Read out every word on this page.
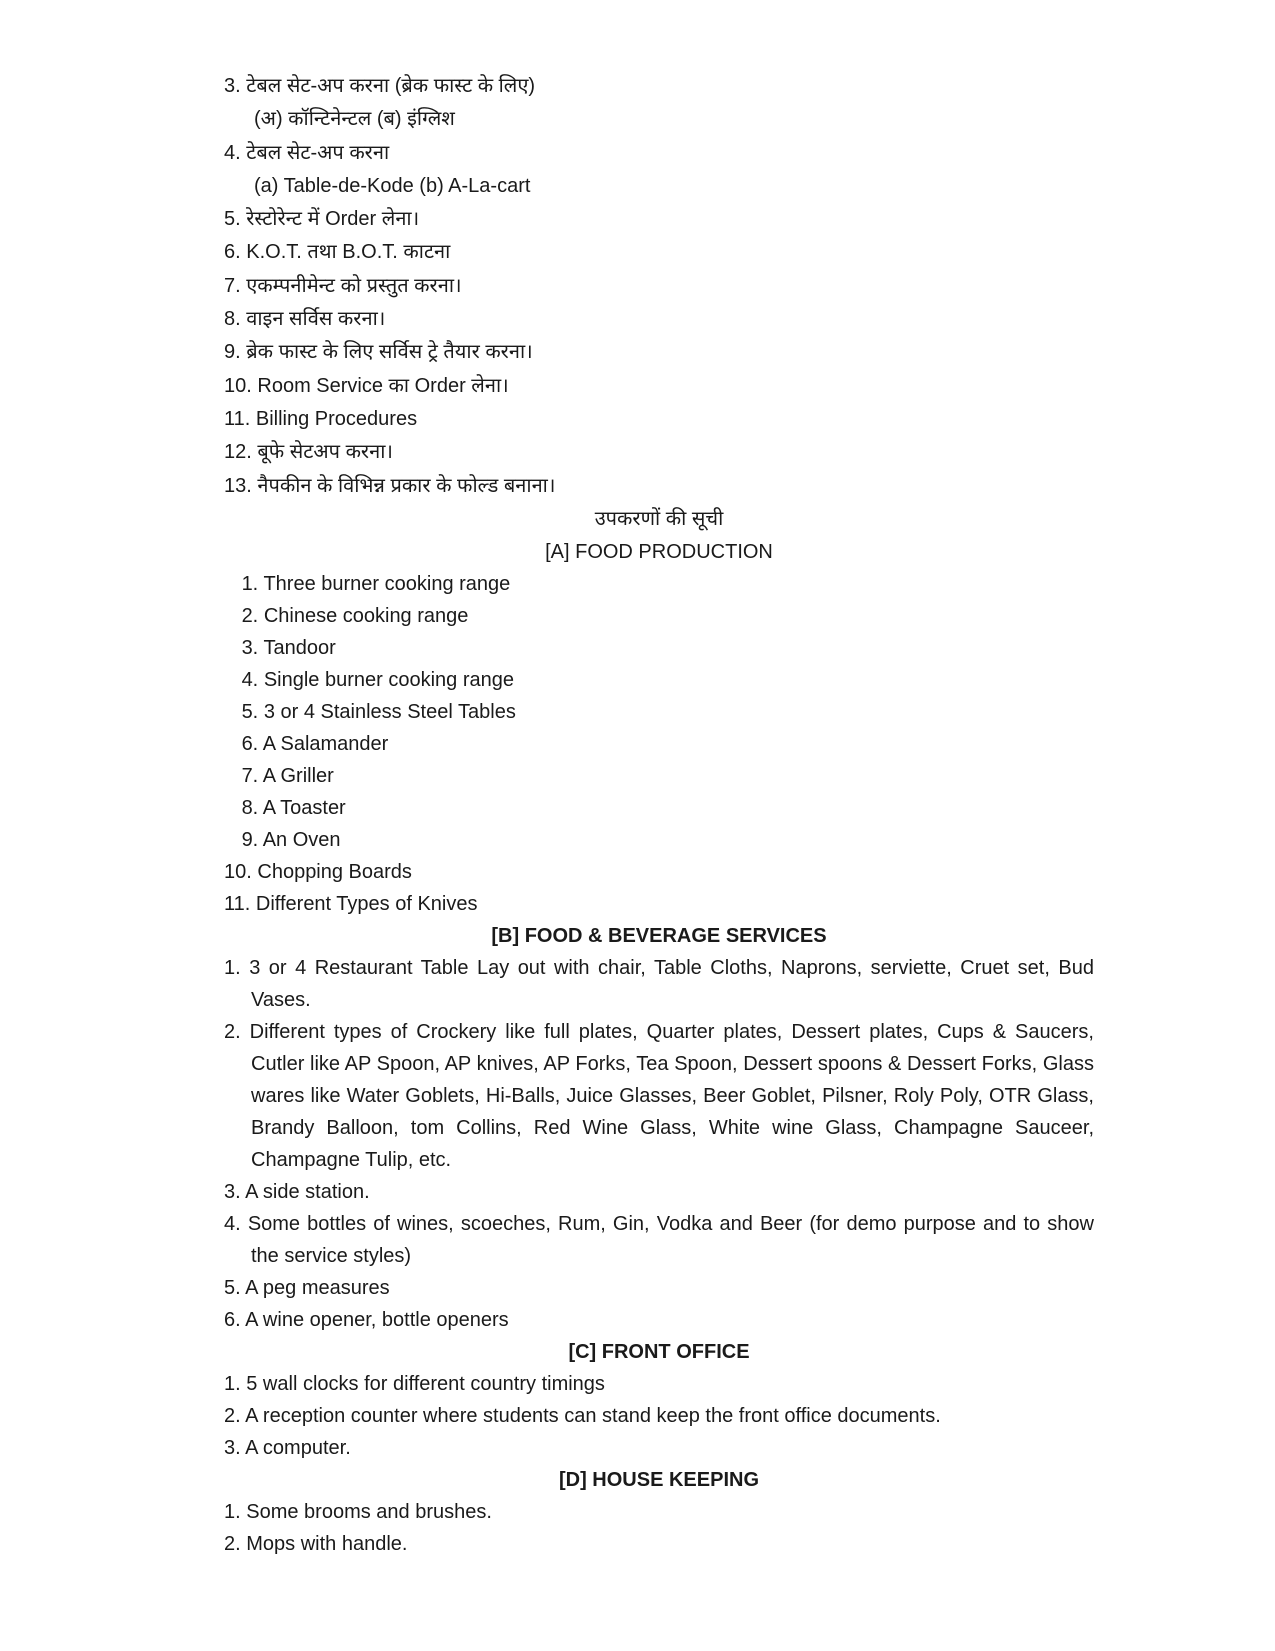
3. टेबल सेट-अप करना (ब्रेक फास्ट के लिए)
(अ) कॉन्टिनेन्टल (ब) इंग्लिश
4. टेबल सेट-अप करना
(a) Table-de-Kode (b) A-La-cart
5. रेस्टोरेन्ट में Order लेना।
6. K.O.T. तथा B.O.T. काटना
7. एकम्पनीमेन्ट को प्रस्तुत करना।
8. वाइन सर्विस करना।
9. ब्रेक फास्ट के लिए सर्विस ट्रे तैयार करना।
10. Room Service का Order लेना।
11. Billing Procedures
12. बूफे सेटअप करना।
13. नैपकीन के विभिन्न प्रकार के फोल्ड बनाना।
उपकरणों की सूची
[A] FOOD PRODUCTION
1. Three burner cooking range
2. Chinese cooking range
3. Tandoor
4. Single burner cooking range
5. 3 or 4 Stainless Steel Tables
6. A Salamander
7. A Griller
8. A Toaster
9. An Oven
10. Chopping Boards
11. Different Types of Knives
[B] FOOD & BEVERAGE SERVICES
1. 3 or 4 Restaurant Table Lay out with chair, Table Cloths, Naprons, serviette, Cruet set, Bud
Vases.
2. Different types of Crockery like full plates, Quarter plates, Dessert plates, Cups & Saucers,
Cutler like AP Spoon, AP knives, AP Forks, Tea Spoon, Dessert spoons & Dessert Forks, Glass
wares like Water Goblets, Hi-Balls, Juice Glasses, Beer Goblet, Pilsner, Roly Poly, OTR Glass,
Brandy Balloon, tom Collins, Red Wine Glass, White wine Glass, Champagne Sauceer,
Champagne Tulip, etc.
3. A side station.
4. Some bottles of wines, scoeches, Rum, Gin, Vodka and Beer (for demo purpose and to show
the service styles)
5. A peg measures
6. A wine opener, bottle openers
[C] FRONT OFFICE
1. 5 wall clocks for different country timings
2. A reception counter where students can stand keep the front office documents.
3. A computer.
[D] HOUSE KEEPING
1. Some brooms and brushes.
2. Mops with handle.
